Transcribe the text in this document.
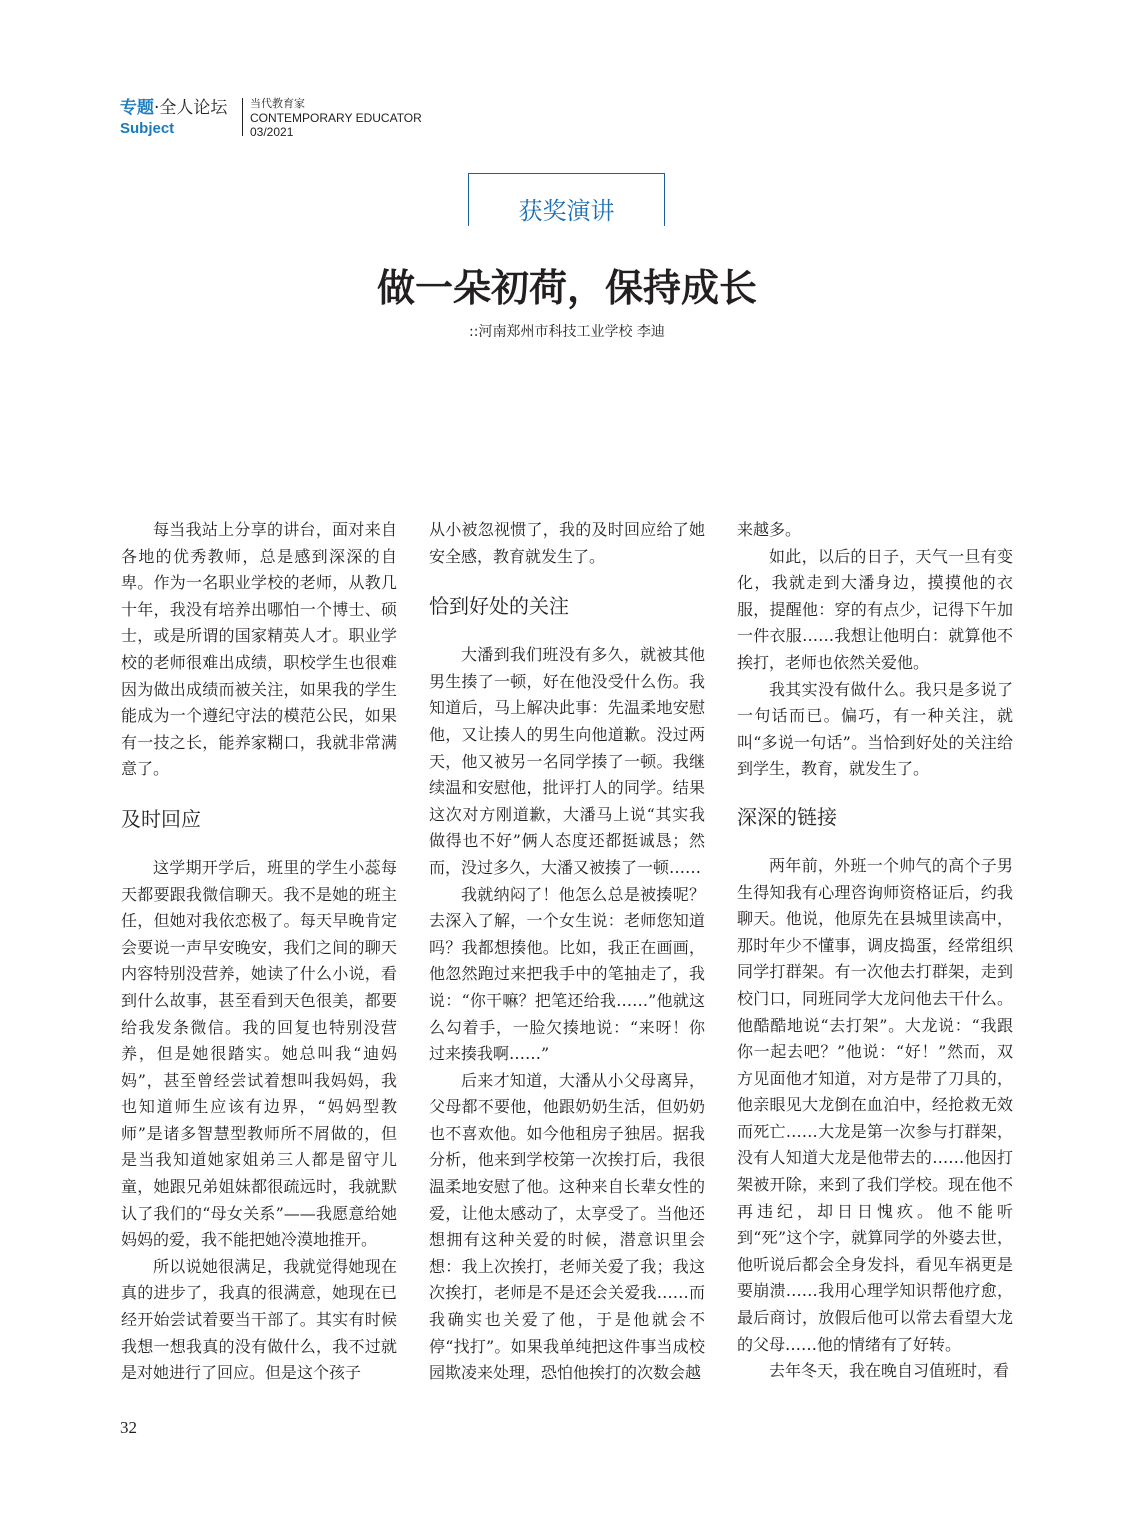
专题·全人论坛
Subject
当代教育家
CONTEMPORARY EDUCATOR
03/2021
获奖演讲
做一朵初荷，保持成长
::河南郑州市科技工业学校 李迪

每当我站上分享的讲台，面对来自各地的优秀教师，总是感到深深的自卑。作为一名职业学校的老师，从教几十年，我没有培养出哪怕一个博士、硕士，或是所谓的国家精英人才。职业学校的老师很难出成绩，职校学生也很难因为做出成绩而被关注，如果我的学生能成为一个遵纪守法的模范公民，如果有一技之长，能养家糊口，我就非常满意了。

及时回应

这学期开学后，班里的学生小蕊每天都要跟我微信聊天。我不是她的班主任，但她对我依恋极了。每天早晚肯定会要说一声早安晚安，我们之间的聊天内容特别没营养，她读了什么小说，看到什么故事，甚至看到天色很美，都要给我发条微信。我的回复也特别没营养，但是她很踏实。她总叫我“迪妈妈”，甚至曾经尝试着想叫我妈妈，我也知道师生应该有边界，“妈妈型教师”是诸多智慧型教师所不屑做的，但是当我知道她家姐弟三人都是留守儿童，她跟兄弟姐妹都很疏远时，我就默认了我们的“母女关系”——我愿意给她妈妈的爱，我不能把她冷漠地推开。

所以说她很满足，我就觉得她现在真的进步了，我真的很满意，她现在已经开始尝试着要当干部了。其实有时候我想一想我真的没有做什么，我不过就是对她进行了回应。但是这个孩子

从小被忽视惯了，我的及时回应给了她安全感，教育就发生了。

恰到好处的关注

大潘到我们班没有多久，就被其他男生揍了一顿，好在他没受什么伤。我知道后，马上解决此事：先温柔地安慰他，又让揍人的男生向他道歉。没过两天，他又被另一名同学揍了一顿。我继续温和安慰他，批评打人的同学。结果这次对方刚道歉，大潘马上说“其实我做得也不好”俩人态度还都挺诚恳；然而，没过多久，大潘又被揍了一顿……

我就纳闷了！他怎么总是被揍呢？去深入了解，一个女生说：老师您知道吗？我都想揍他。比如，我正在画画，他忽然跑过来把我手中的笔抽走了，我说：“你干嘛？把笔还给我……”他就这么勾着手，一脸欠揍地说：“来呀！你过来揍我啊……”

后来才知道，大潘从小父母离异，父母都不要他，他跟奶奶生活，但奶奶也不喜欢他。如今他租房子独居。据我分析，他来到学校第一次挨打后，我很温柔地安慰了他。这种来自长辈女性的爱，让他太感动了，太享受了。当他还想拥有这种关爱的时候，潜意识里会想：我上次挨打，老师关爱了我；我这次挨打，老师是不是还会关爱我……而我确实也关爱了他，于是他就会不停“找打”。如果我单纯把这件事当成校园欺凌来处理，恐怕他挨打的次数会越

来越多。

如此，以后的日子，天气一旦有变化，我就走到大潘身边，摸摸他的衣服，提醒他：穿的有点少，记得下午加一件衣服……我想让他明白：就算他不挨打，老师也依然关爱他。

我其实没有做什么。我只是多说了一句话而已。偏巧，有一种关注，就叫“多说一句话”。当恰到好处的关注给到学生，教育，就发生了。

深深的链接

两年前，外班一个帅气的高个子男生得知我有心理咨询师资格证后，约我聊天。他说，他原先在县城里读高中，那时年少不懂事，调皮捣蛋，经常组织同学打群架。有一次他去打群架，走到校门口，同班同学大龙问他去干什么。他酷酷地说“去打架”。大龙说：“我跟你一起去吧？”他说：“好！”然而，双方见面他才知道，对方是带了刀具的，他亲眼见大龙倒在血泊中，经抢救无效而死亡……大龙是第一次参与打群架，没有人知道大龙是他带去的……他因打架被开除，来到了我们学校。现在他不再违纪，却日日愧疚。他不能听到“死”这个字，就算同学的外婆去世，他听说后都会全身发抖，看见车祸更是要崩溃……我用心理学知识帮他疗愈，最后商讨，放假后他可以常去看望大龙的父母……他的情绪有了好转。

去年冬天，我在晚自习值班时，看

32
